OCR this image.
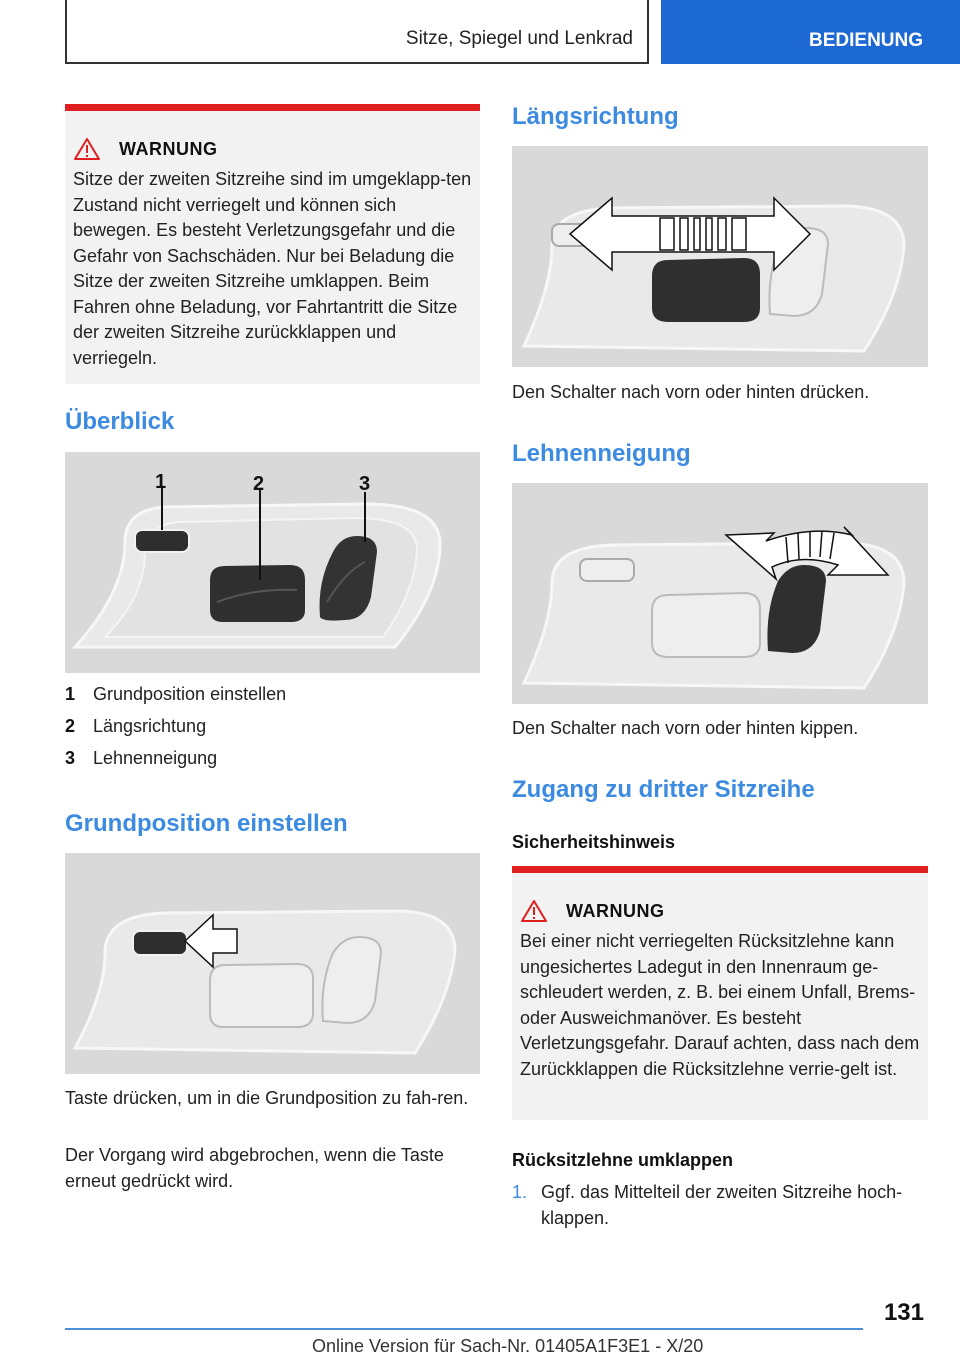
Sitze, Spiegel und Lenkrad	BEDIENUNG
WARNUNG

Sitze der zweiten Sitzreihe sind im umgeklapp-ten Zustand nicht verriegelt und können sich bewegen. Es besteht Verletzungsgefahr und die Gefahr von Sachschäden. Nur bei Beladung die Sitze der zweiten Sitzreihe umklappen. Beim Fahren ohne Beladung, vor Fahrtantritt die Sitze der zweiten Sitzreihe zurückklappen und verriegeln.

Überblick
1	2	3
1 Grundposition einstellen
2 Längsrichtung
3 Lehnenneigung
Grundposition einstellen

Taste drücken, um in die Grundposition zu fah-ren.

Der Vorgang wird abgebrochen, wenn die Taste erneut gedrückt wird.

Längsrichtung

Den Schalter nach vorn oder hinten drücken.

Lehnenneigung

Den Schalter nach vorn oder hinten kippen.

Zugang zu dritter Sitzreihe
Sicherheitshinweis
WARNUNG

Bei einer nicht verriegelten Rücksitzlehne kann ungesichertes Ladegut in den Innenraum ge-schleudert werden, z. B. bei einem Unfall, Brems- oder Ausweichmanöver. Es besteht Verletzungsgefahr. Darauf achten, dass nach dem Zurückklappen die Rücksitzlehne verrie-gelt ist.

Rücksitzlehne umklappen
1. Ggf. das Mittelteil der zweiten Sitzreihe hoch-klappen.
131
Online Version für Sach-Nr. 01405A1F3E1 - X/20
